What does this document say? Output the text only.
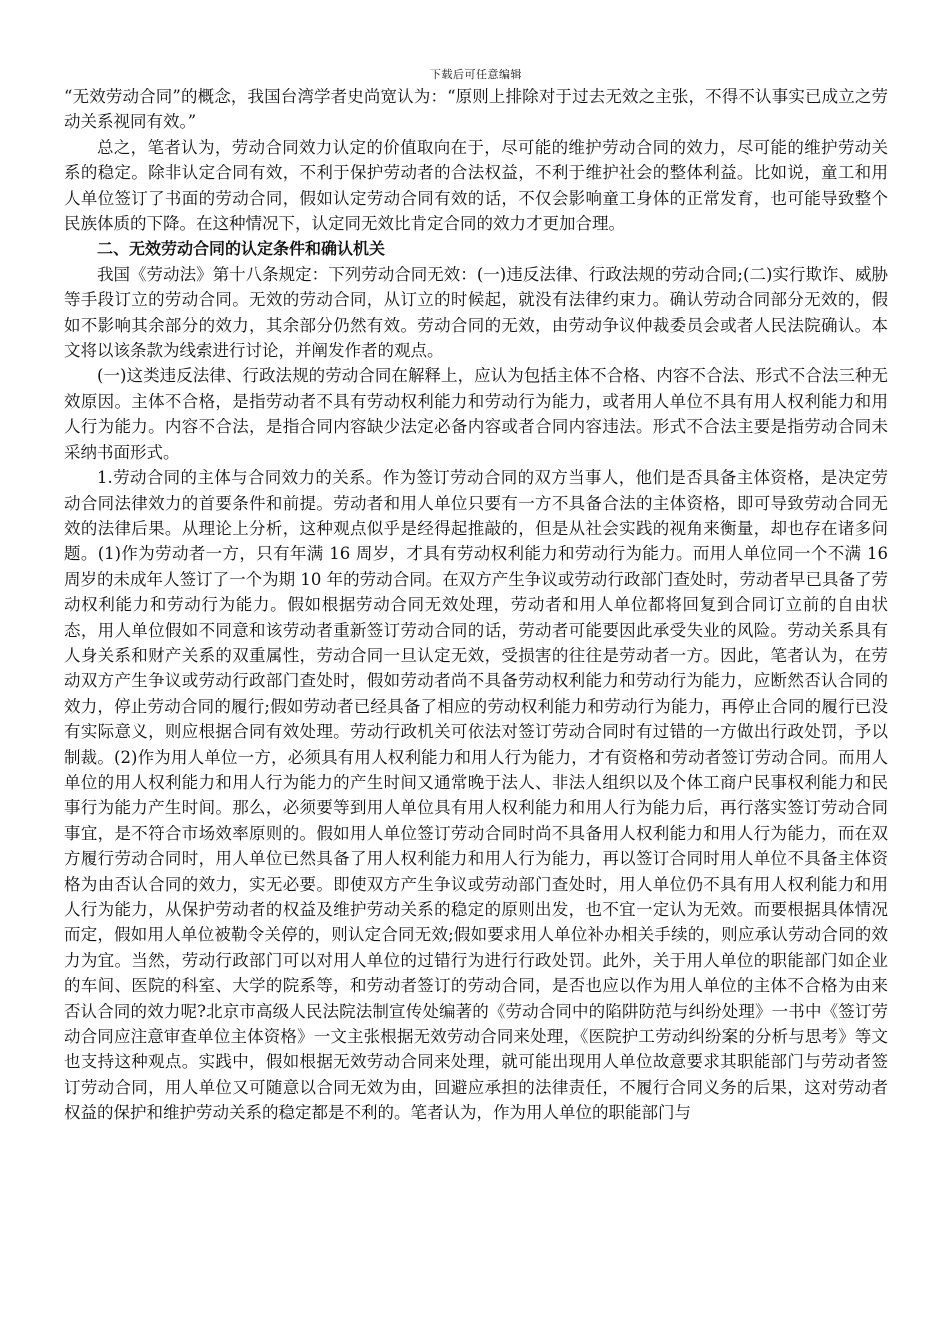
下载后可任意编辑

“无效劳动合同”的概念，我国台湾学者史尚宽认为：“原则上排除对于过去无效之主张，不得不认事实已成立之劳动关系视同有效。”

总之，笔者认为，劳动合同效力认定的价值取向在于，尽可能的维护劳动合同的效力，尽可能的维护劳动关系的稳定。除非认定合同有效，不利于保护劳动者的合法权益，不利于维护社会的整体利益。比如说，童工和用人单位签订了书面的劳动合同，假如认定劳动合同有效的话，不仅会影响童工身体的正常发育，也可能导致整个民族体质的下降。在这种情况下，认定同无效比肯定合同的效力才更加合理。

二、无效劳动合同的认定条件和确认机关

我国《劳动法》第十八条规定：下列劳动合同无效：(一)违反法律、行政法规的劳动合同;(二)实行欺诈、威胁等手段订立的劳动合同。无效的劳动合同，从订立的时候起，就没有法律约束力。确认劳动合同部分无效的，假如不影响其余部分的效力，其余部分仍然有效。劳动合同的无效，由劳动争议仲裁委员会或者人民法院确认。本文将以该条款为线索进行讨论，并阐发作者的观点。

(一)这类违反法律、行政法规的劳动合同在解释上，应认为包括主体不合格、内容不合法、形式不合法三种无效原因。主体不合格，是指劳动者不具有劳动权利能力和劳动行为能力，或者用人单位不具有用人权利能力和用人行为能力。内容不合法，是指合同内容缺少法定必备内容或者合同内容违法。形式不合法主要是指劳动合同未采纳书面形式。

1.劳动合同的主体与合同效力的关系。作为签订劳动合同的双方当事人，他们是否具备主体资格，是决定劳动合同法律效力的首要条件和前提。劳动者和用人单位只要有一方不具备合法的主体资格，即可导致劳动合同无效的法律后果。从理论上分析，这种观点似乎是经得起推敲的，但是从社会实践的视角来衡量，却也存在诸多问题。(1)作为劳动者一方，只有年满 16 周岁，才具有劳动权利能力和劳动行为能力。而用人单位同一个不满 16 周岁的未成年人签订了一个为期 10 年的劳动合同。在双方产生争议或劳动行政部门查处时，劳动者早已具备了劳动权利能力和劳动行为能力。假如根据劳动合同无效处理，劳动者和用人单位都将回复到合同订立前的自由状态，用人单位假如不同意和该劳动者重新签订劳动合同的话，劳动者可能要因此承受失业的风险。劳动关系具有人身关系和财产关系的双重属性，劳动合同一旦认定无效，受损害的往往是劳动者一方。因此，笔者认为，在劳动双方产生争议或劳动行政部门查处时，假如劳动者尚不具备劳动权利能力和劳动行为能力，应断然否认合同的效力，停止劳动合同的履行;假如劳动者已经具备了相应的劳动权利能力和劳动行为能力，再停止合同的履行已没有实际意义，则应根据合同有效处理。劳动行政机关可依法对签订劳动合同时有过错的一方做出行政处罚，予以制裁。(2)作为用人单位一方，必须具有用人权利能力和用人行为能力，才有资格和劳动者签订劳动合同。而用人单位的用人权利能力和用人行为能力的产生时间又通常晚于法人、非法人组织以及个体工商户民事权利能力和民事行为能力产生时间。那么，必须要等到用人单位具有用人权利能力和用人行为能力后，再行落实签订劳动合同事宜，是不符合市场效率原则的。假如用人单位签订劳动合同时尚不具备用人权利能力和用人行为能力，而在双方履行劳动合同时，用人单位已然具备了用人权利能力和用人行为能力，再以签订合同时用人单位不具备主体资格为由否认合同的效力，实无必要。即使双方产生争议或劳动部门查处时，用人单位仍不具有用人权利能力和用人行为能力，从保护劳动者的权益及维护劳动关系的稳定的原则出发，也不宜一定认为无效。而要根据具体情况而定，假如用人单位被勒令关停的，则认定合同无效;假如要求用人单位补办相关手续的，则应承认劳动合同的效力为宜。当然，劳动行政部门可以对用人单位的过错行为进行行政处罚。此外，关于用人单位的职能部门如企业的车间、医院的科室、大学的院系等，和劳动者签订的劳动合同，是否也应以作为用人单位的主体不合格为由来否认合同的效力呢?北京市高级人民法院法制宣传处编著的《劳动合同中的陷阱防范与纠纷处理》一书中《签订劳动合同应注意审查单位主体资格》一文主张根据无效劳动合同来处理，《医院护工劳动纠纷案的分析与思考》等文也支持这种观点。实践中，假如根据无效劳动合同来处理，就可能出现用人单位故意要求其职能部门与劳动者签订劳动合同，用人单位又可随意以合同无效为由，回避应承担的法律责任，不履行合同义务的后果，这对劳动者权益的保护和维护劳动关系的稳定都是不利的。笔者认为，作为用人单位的职能部门与
